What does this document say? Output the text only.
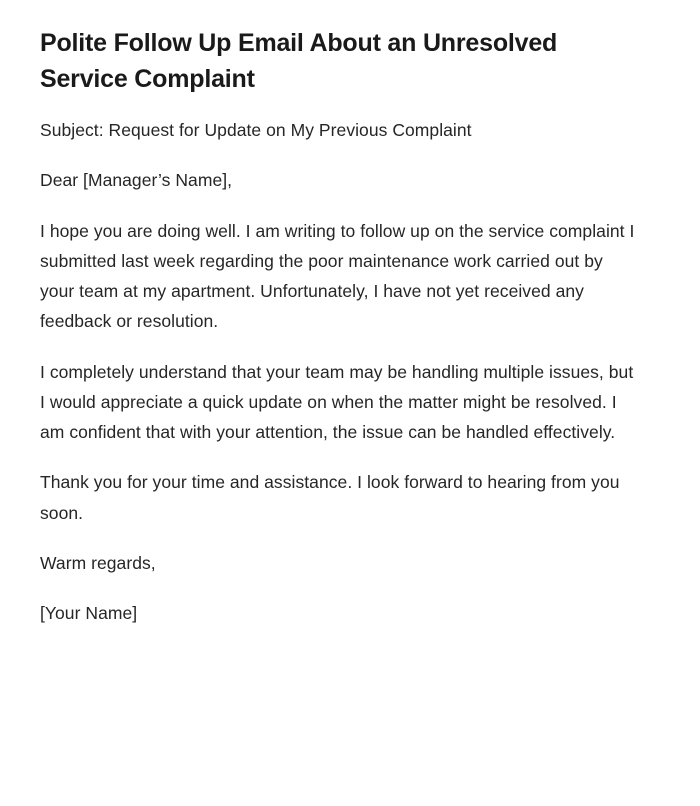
Polite Follow Up Email About an Unresolved Service Complaint

Subject: Request for Update on My Previous Complaint

Dear [Manager’s Name],

I hope you are doing well. I am writing to follow up on the service complaint I submitted last week regarding the poor maintenance work carried out by your team at my apartment. Unfortunately, I have not yet received any feedback or resolution.

I completely understand that your team may be handling multiple issues, but I would appreciate a quick update on when the matter might be resolved. I am confident that with your attention, the issue can be handled effectively.

Thank you for your time and assistance. I look forward to hearing from you soon.

Warm regards,

[Your Name]
